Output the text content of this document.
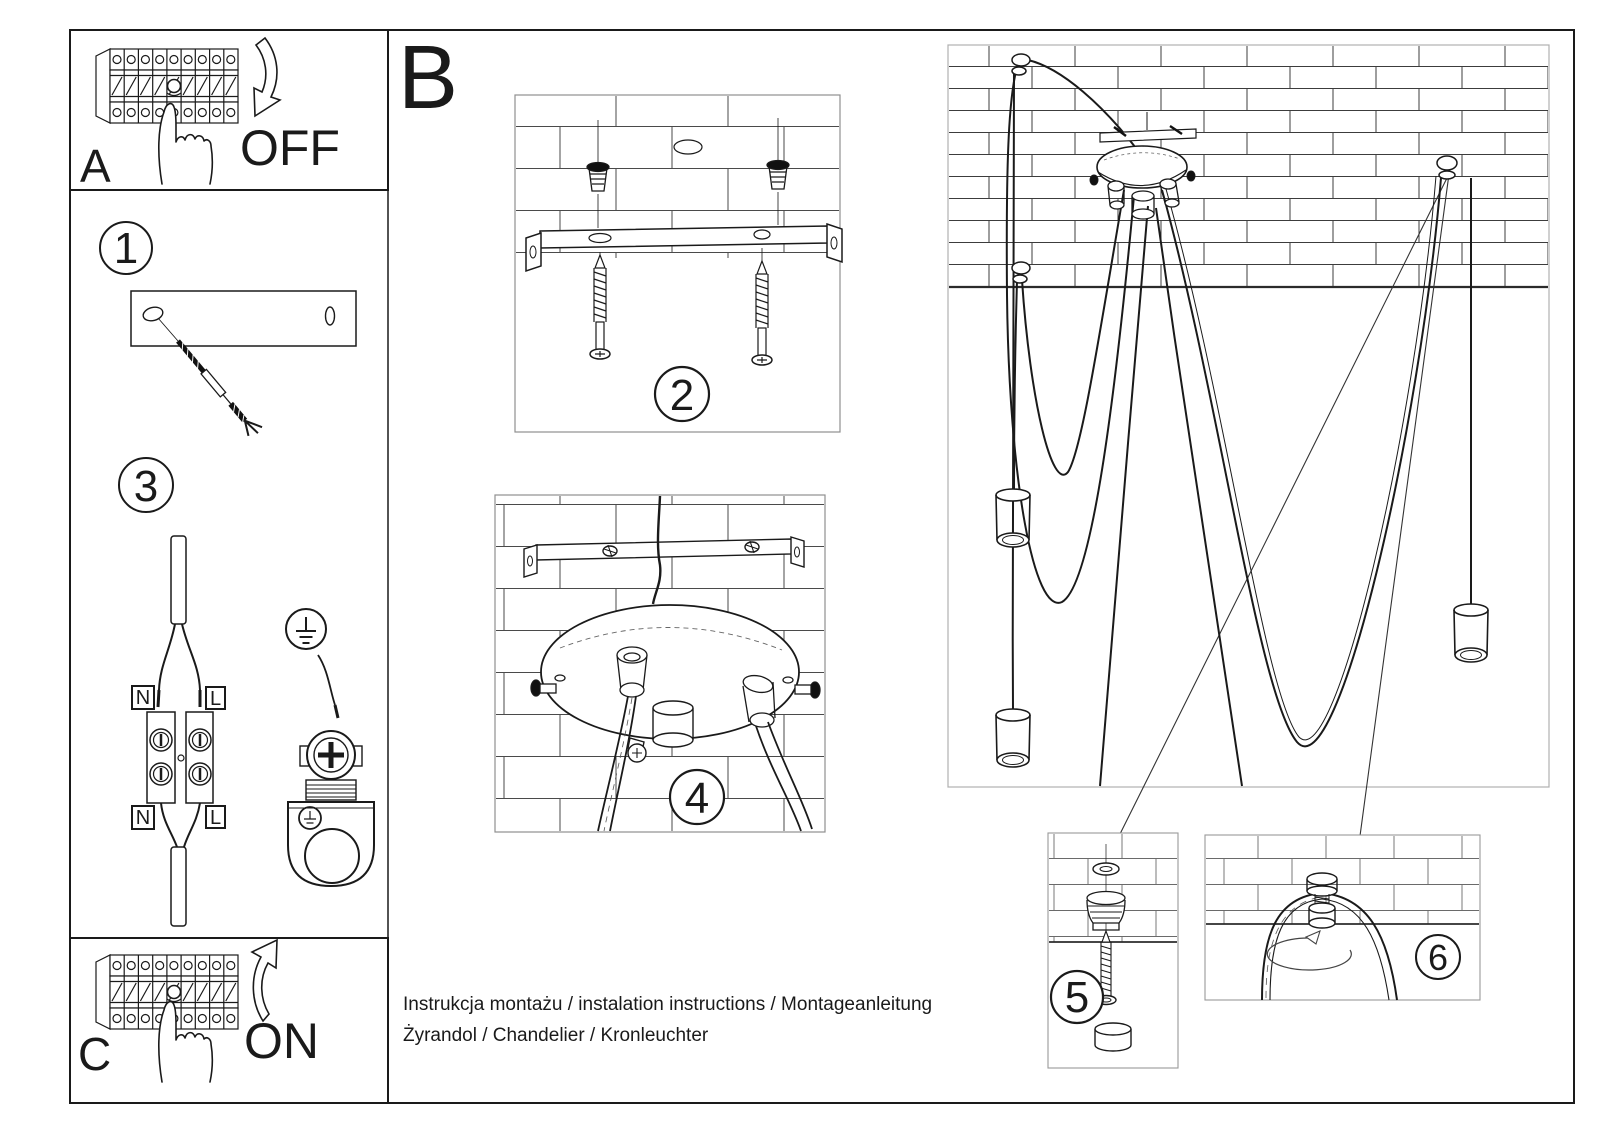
OFF
A
1
3
N	L
N	L
ON
C
B
2
4
5
6
Instrukcja montażu / instalation instructions / Montageanleitung
Żyrandol / Chandelier / Kronleuchter
